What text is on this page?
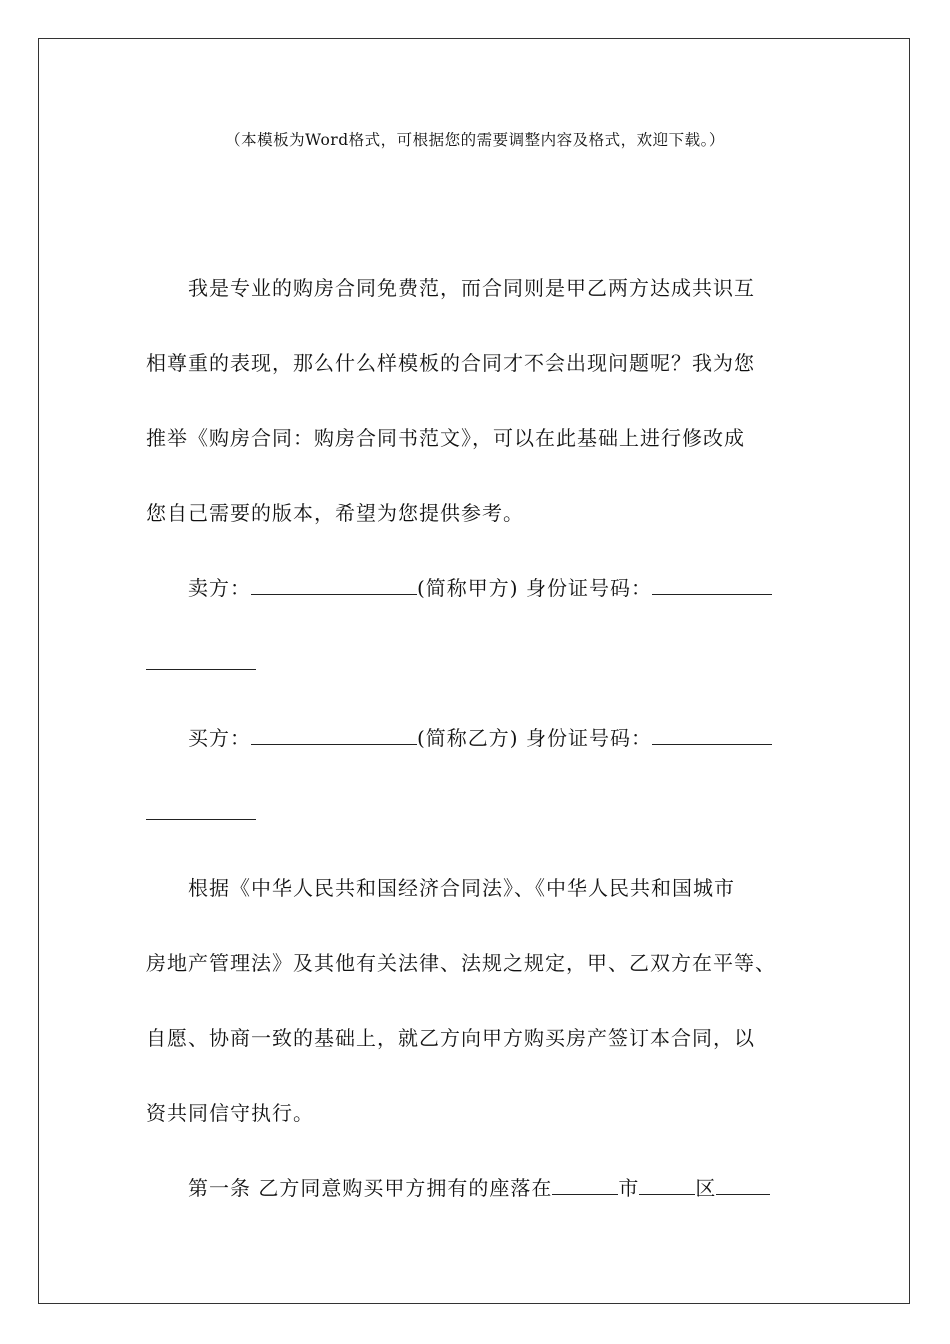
（本模板为Word格式，可根据您的需要调整内容及格式，欢迎下载。）
我是专业的购房合同免费范，而合同则是甲乙两方达成共识互
相尊重的表现，那么什么样模板的合同才不会出现问题呢？我为您
推举《购房合同：购房合同书范文》，可以在此基础上进行修改成
您自己需要的版本，希望为您提供参考。
卖方：	(简称甲方) 身份证号码：
买方：	(简称乙方) 身份证号码：
根据《中华人民共和国经济合同法》、《中华人民共和国城市
房地产管理法》及其他有关法律、法规之规定，甲、乙双方在平等、
自愿、协商一致的基础上，就乙方向甲方购买房产签订本合同，以
资共同信守执行。
第一条 乙方同意购买甲方拥有的座落在	市	区
